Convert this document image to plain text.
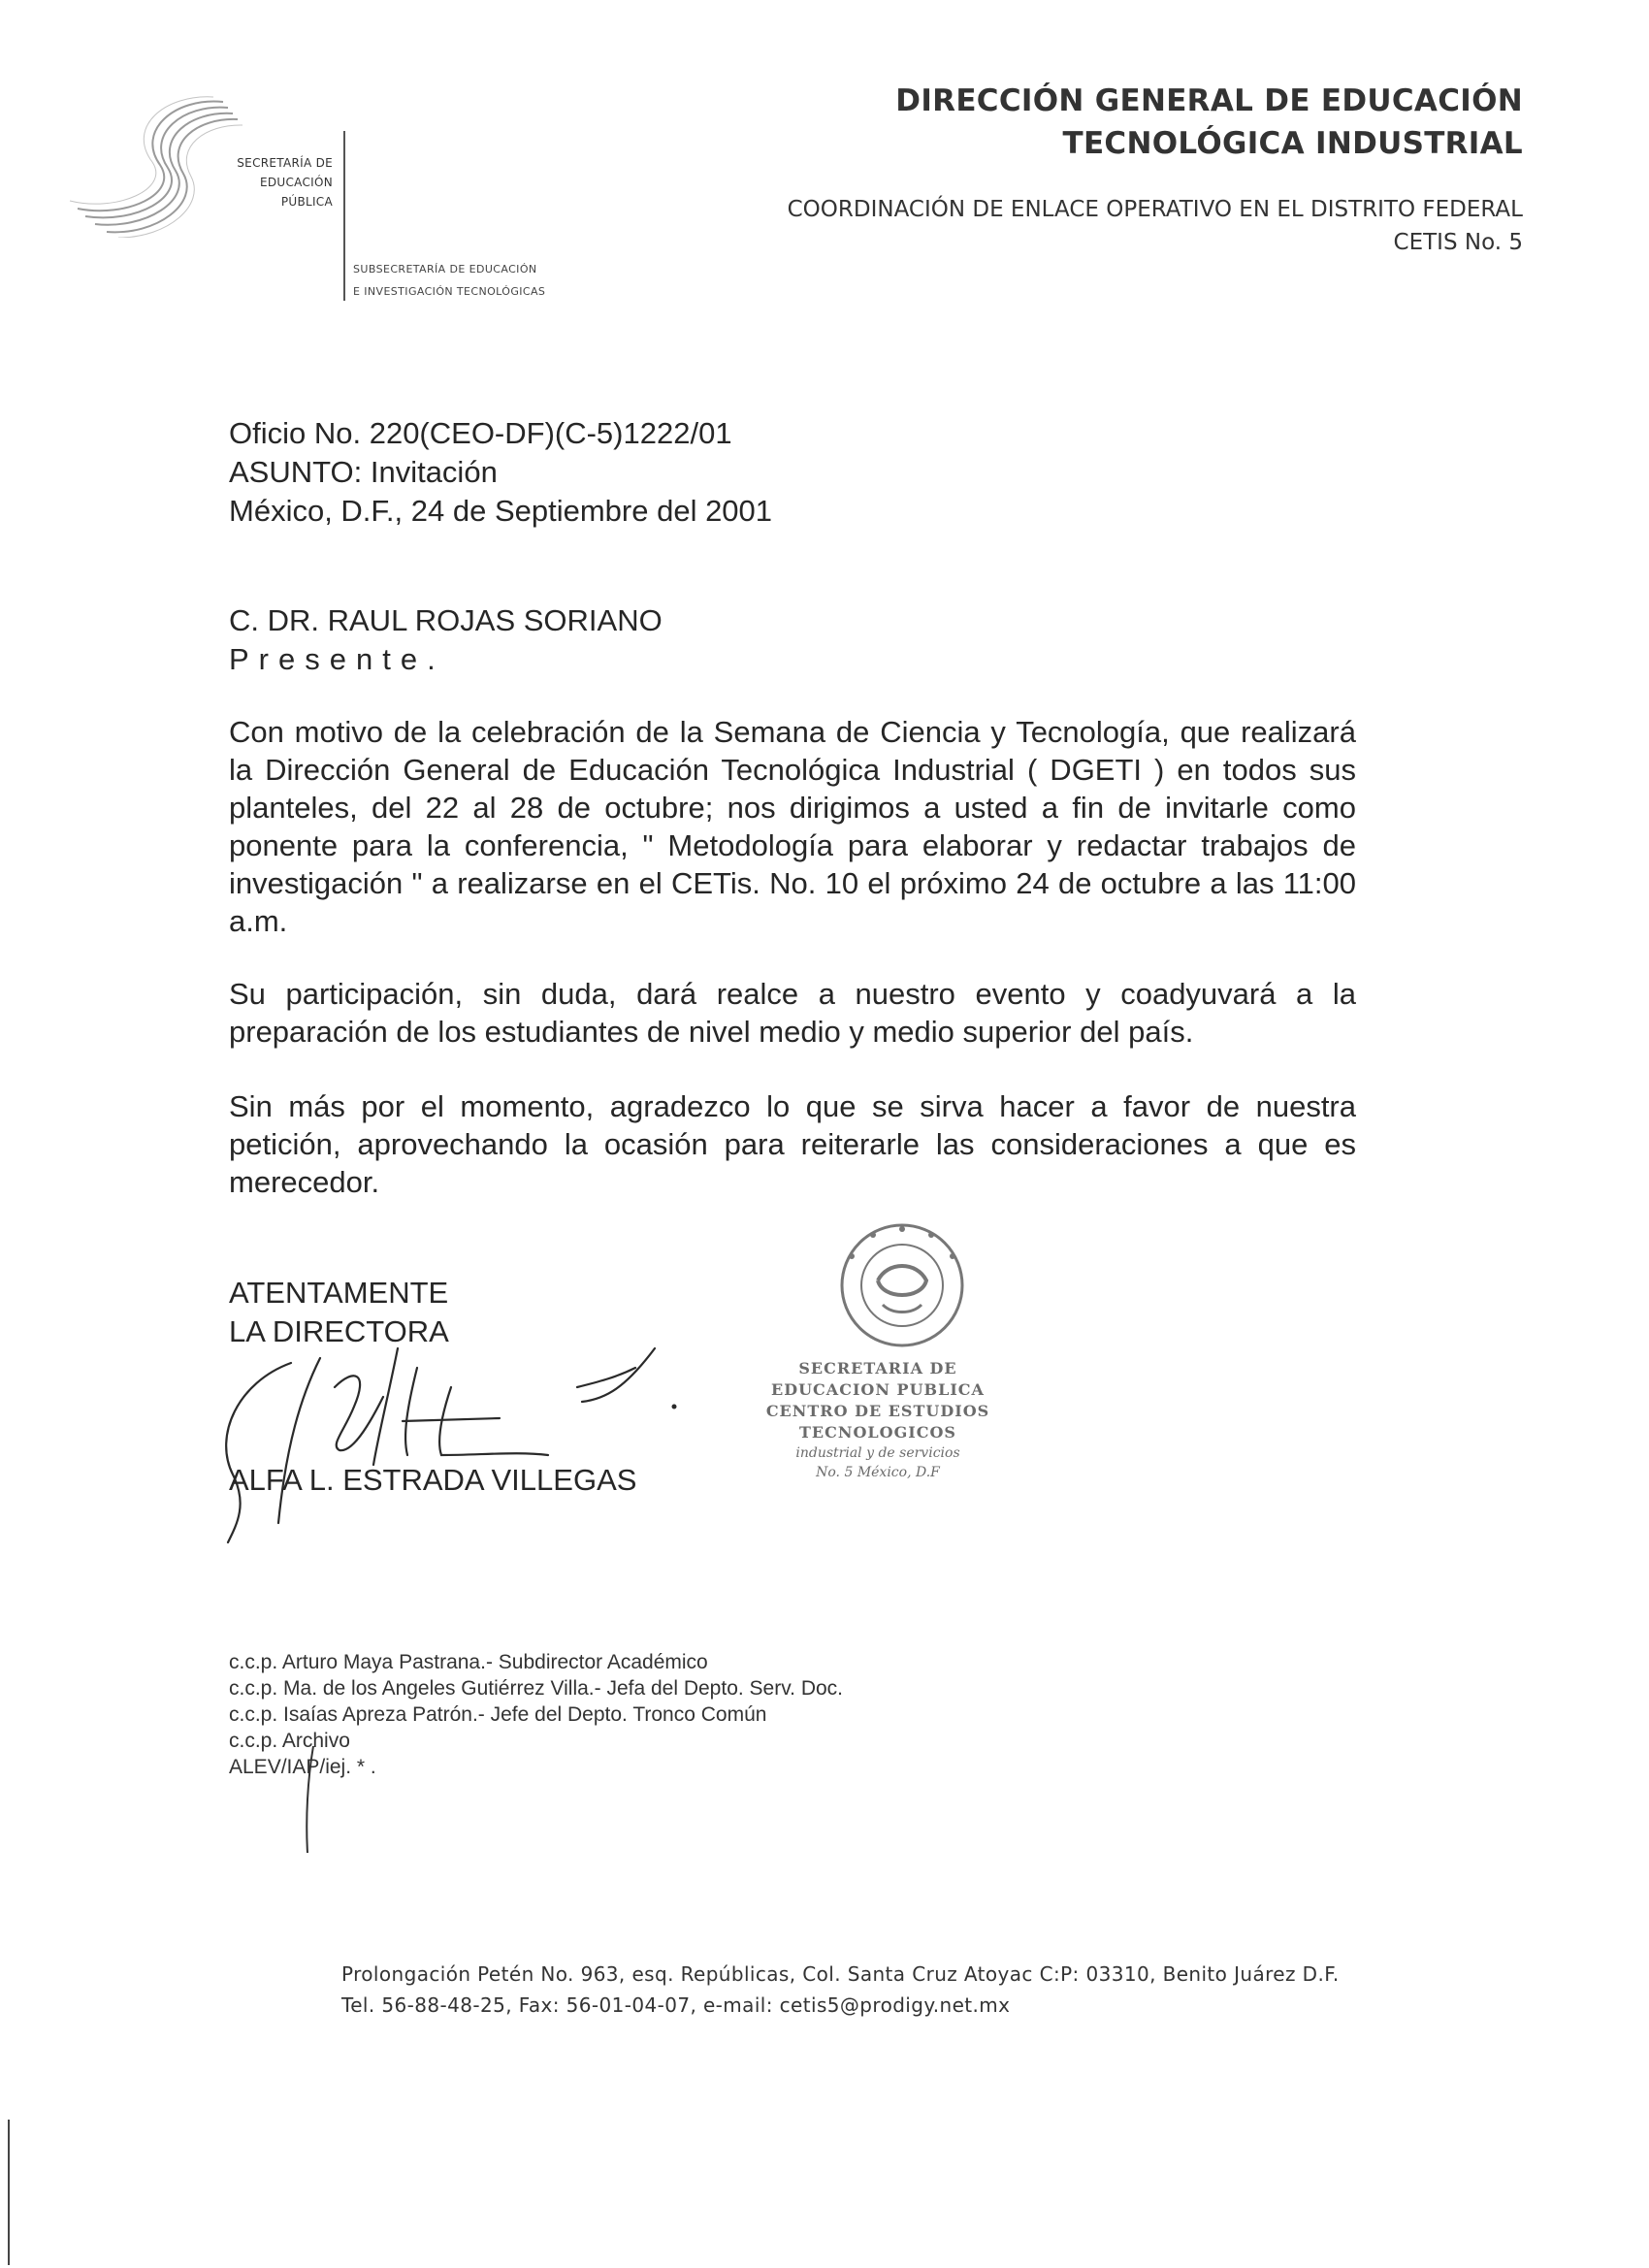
SECRETARÍA DE
EDUCACIÓN
PÚBLICA
SUBSECRETARÍA DE EDUCACIÓN
E INVESTIGACIÓN TECNOLÓGICAS
DIRECCIÓN GENERAL DE EDUCACIÓN
TECNOLÓGICA INDUSTRIAL
COORDINACIÓN DE ENLACE OPERATIVO EN EL DISTRITO FEDERAL
CETIS No. 5
Oficio No. 220(CEO-DF)(C-5)1222/01
ASUNTO: Invitación
México, D.F., 24 de Septiembre del 2001
C. DR. RAUL ROJAS SORIANO
Presente.
Con motivo de la celebración de la Semana de Ciencia y Tecnología, que realizará la Dirección General de Educación Tecnológica Industrial ( DGETI ) en todos sus planteles, del 22 al 28 de octubre; nos dirigimos a usted a fin de invitarle como ponente para la conferencia, " Metodología para elaborar y redactar trabajos de investigación " a realizarse en el CETis. No. 10 el próximo 24 de octubre a las 11:00 a.m.
Su participación, sin duda, dará realce a nuestro evento y coadyuvará a la preparación de los estudiantes de nivel medio y medio superior del país.
Sin más por el momento, agradezco lo que se sirva hacer a favor de nuestra petición, aprovechando la ocasión para reiterarle las consideraciones a que es merecedor.
ATENTAMENTE
LA DIRECTORA
ALFA L. ESTRADA VILLEGAS
SECRETARIA DE
EDUCACION PUBLICA
CENTRO DE ESTUDIOS
TECNOLOGICOS
industrial y de servicios
No. 5 México, D.F
c.c.p. Arturo Maya Pastrana.- Subdirector Académico
c.c.p. Ma. de los Angeles Gutiérrez Villa.- Jefa del Depto. Serv. Doc.
c.c.p. Isaías Apreza Patrón.- Jefe del Depto. Tronco Común
c.c.p. Archivo
ALEV/IAP/iej. * .
Prolongación Petén No. 963, esq. Repúblicas, Col. Santa Cruz Atoyac C:P: 03310, Benito Juárez D.F.
Tel. 56-88-48-25, Fax: 56-01-04-07, e-mail: cetis5@prodigy.net.mx
